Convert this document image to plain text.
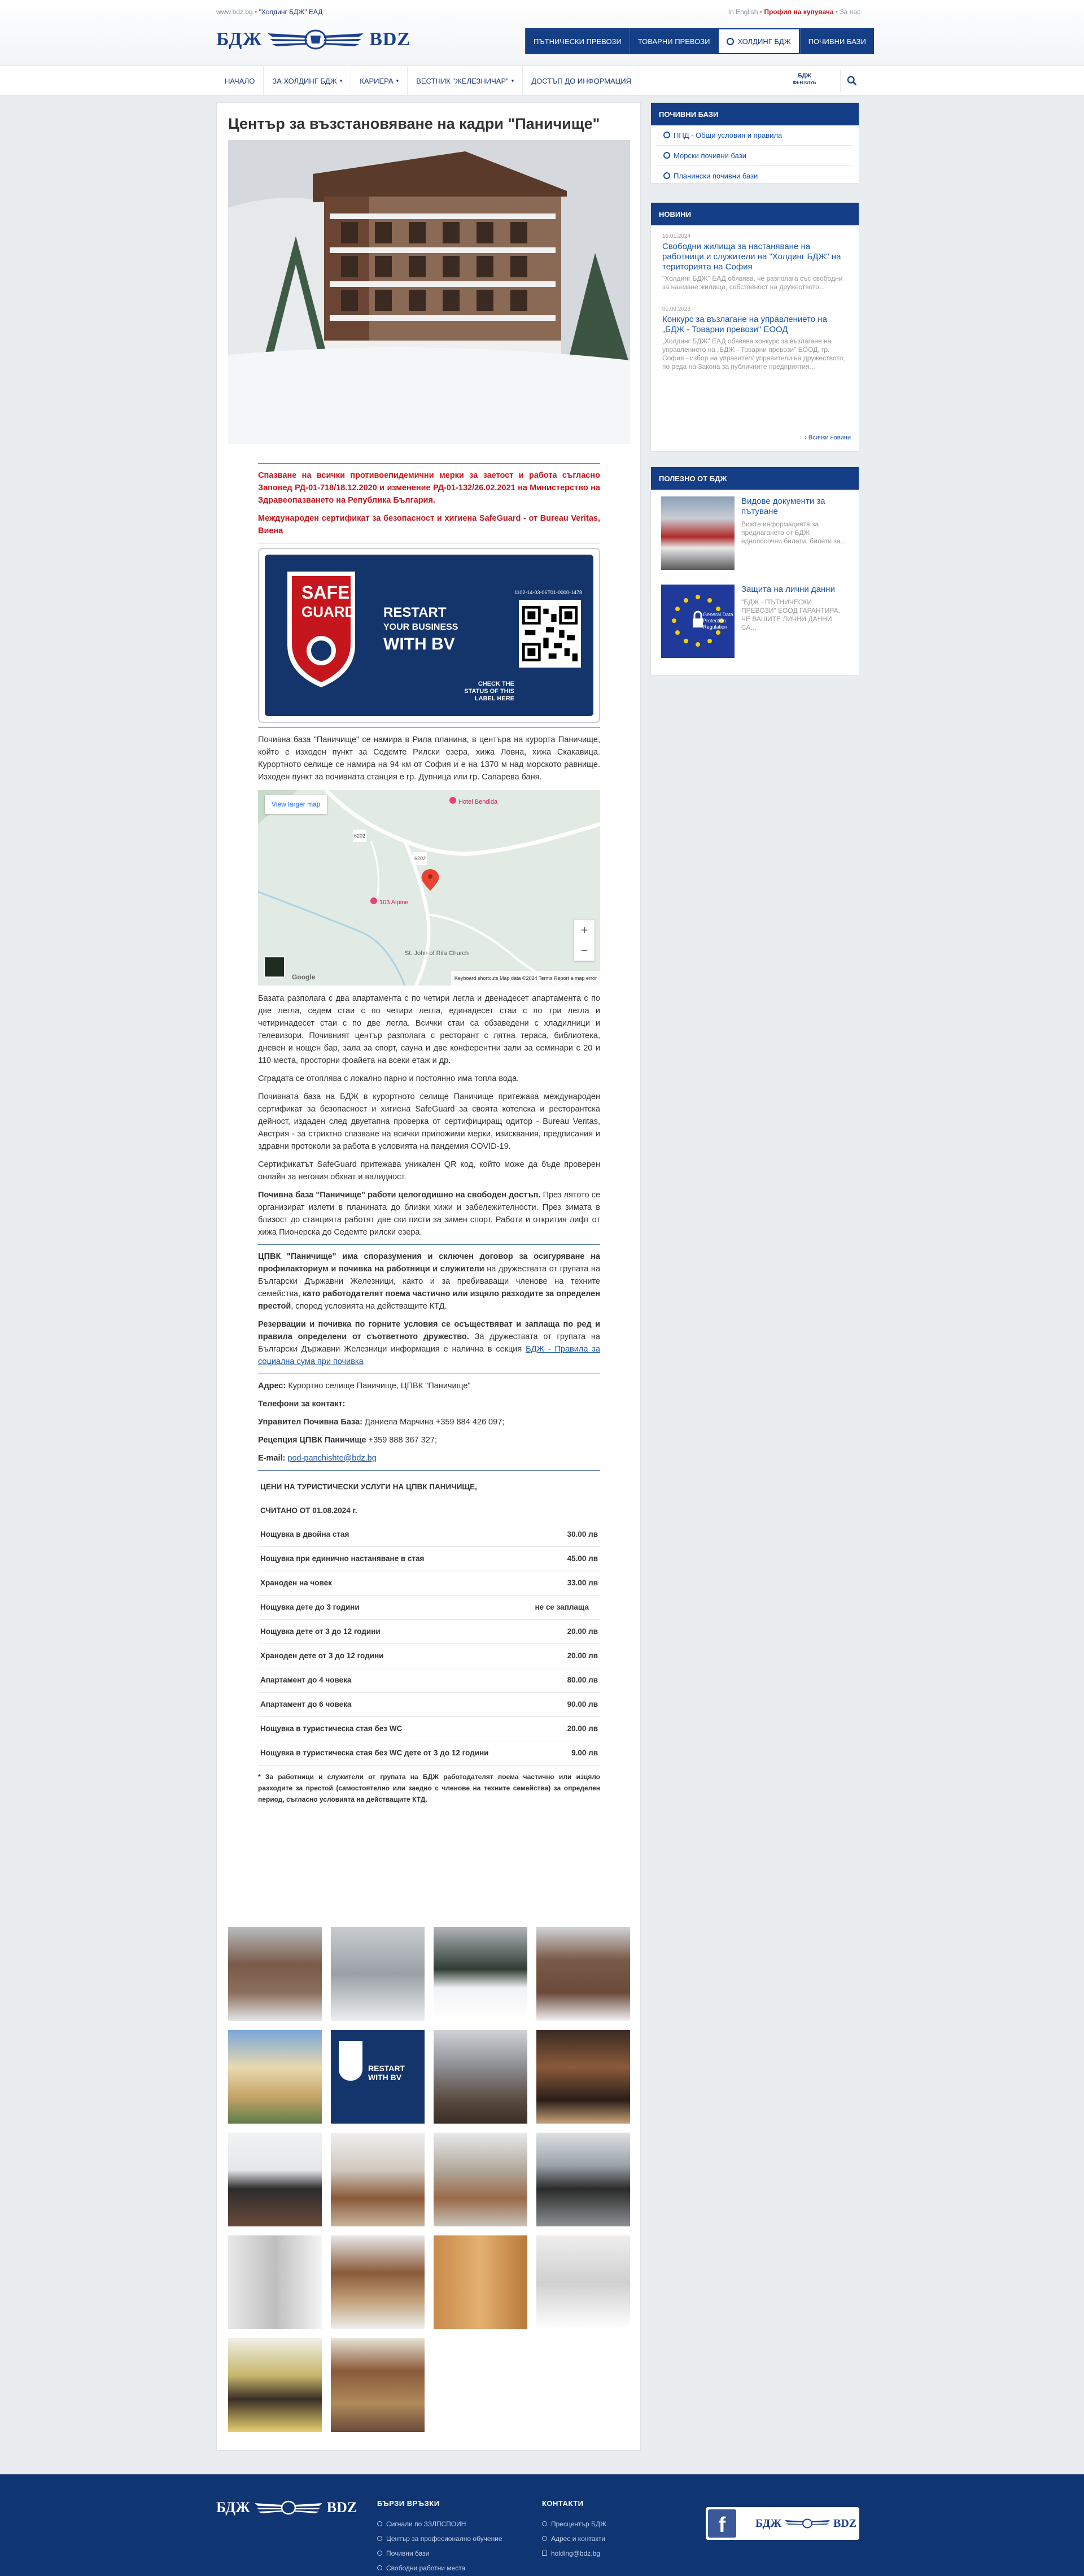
www.bdz.bg • "Холдинг БДЖ" ЕАД	In English • Профил на купувача • За нас
БДЖ	BDZ	ПЪТНИЧЕСКИ ПРЕВОЗИ	ТОВАРНИ ПРЕВОЗИ	ХОЛДИНГ БДЖ	ПОЧИВНИ БАЗИ
НАЧАЛО ЗА ХОЛДИНГ БДЖ ▾ КАРИЕРА ▾ ВЕСТНИК "ЖЕЛЕЗНИЧАР" ▾ ДОСТЪП ДО ИНФОРМАЦИЯ
БДЖ
ФЕН КЛУБ
Център за възстановяване на кадри "Паничище"

Спазване на всички противоепидемични мерки за заетост и работа съгласно Заповед РД-01-718/18.12.2020 и изменение РД-01-132/26.02.2021 на Министерство на Здравеопазването на Република България.

Международен сертификат за безопасност и хигиена SafeGuard - от Bureau Veritas, Виена

SAFE
GUARD RESTART
YOUR BUSINESS
WITH BV
1102-14-03-06T01-0000-1478
CHECK THE
STATUS OF THIS
LABEL HERE

Почивна база "Паничище" се намира в Рила планина, в центъра на курорта Паничище, който е изходен пункт за Седемте Рилски езера, хижа Ловна, хижа Скакавица. Курортното селище се намира на 94 км от София и е на 1370 м над морското равнище. Изходен пункт за почивната станция е гр. Дупница или гр. Сапарева баня.

View larger map	Hotel Bendida
103 Alpine
St. John of Rila Church
6202
6202
+
−
Google	Keyboard shortcuts Map data ©2024 Terms Report a map error

Базата разполага с два апартамента с по четири легла и двенадесет апартамента с по две легла, седем стаи с по четири легла, единадесет стаи с по три легла и четиринадесет стаи с по две легла. Всички стаи са обзаведени с хладилници и телевизори. Почивният център разполага с ресторант с лятна тераса, библиотека, дневен и нощен бар, зала за спорт, сауна и две конферентни зали за семинари с 20 и 110 места, просторни фоайета на всеки етаж и др.

Сградата се отоплява с локално парно и постоянно има топла вода.

Почивната база на БДЖ в курортното селище Паничище притежава международен сертификат за безопасност и хигиена SafeGuard за своята котелска и ресторантска дейност, издаден след двуетапна проверка от сертифициращ одитор - Bureau Veritas, Австрия - за стриктно спазване на всички приложими мерки, изисквания, предписания и здравни протоколи за работа в условията на пандемия COVID-19.

Сертификатът SafeGuard притежава уникален QR код, който може да бъде проверен онлайн за неговия обхват и валидност.

Почивна база "Паничище" работи целогодишно на свободен достъп. През лятото се организират излети в планината до близки хижи и забележителности. През зимата в близост до станцията работят две ски писти за зимен спорт. Работи и открития лифт от хижа Пионерска до Седемте рилски езера.

ЦПВК "Паничище" има споразумения и сключен договор за осигуряване на профилакториум и почивка на работници и служители на дружествата от групата на Български Държавни Железници, както и за пребиваващи членове на техните семейства, като работодателят поема частично или изцяло разходите за определен престой, според условията на действащите КТД.

Резервации и почивка по горните условия се осъществяват и заплаща по ред и правила определени от съответното дружество. За дружествата от групата на Български Държавни Железници информация е налична в секция БДЖ - Правила за социална сума при почивка

Адрес: Курортно селище Паничище, ЦПВК "Паничище"

Телефони за контакт:

Управител Почивна База: Даниела Марчина +359 884 426 097;

Рецепция ЦПВК Паничище +359 888 367 327;

E-mail: pod-panchishte@bdz.bg

ЦЕНИ НА ТУРИСТИЧЕСКИ УСЛУГИ НА ЦПВК ПАНИЧИЩЕ,	
СЧИТАНО ОТ 01.08.2024 г.	
Нощувка в двойна стая	30.00 лв
Нощувка при единично настаняване в стая	45.00 лв
Храноден на човек	33.00 лв
Нощувка дете до 3 години	не се заплаща
Нощувка дете от 3 до 12 години	20.00 лв
Храноден дете от 3 до 12 години	20.00 лв
Апартамент до 4 човека	80.00 лв
Апартамент до 6 човека	90.00 лв
Нощувка в туристическа стая без WC	20.00 лв
Нощувка в туристическа стая без WC дете от 3 до 12 години	9.00 лв

* За работници и служители от групата на БДЖ работодателят поема частично или изцяло разходите за престой (самостоятелно или заедно с членове на техните семейства) за определен период, съгласно условията на действащите КТД.

RESTART
WITH BV
ПОЧИВНИ БАЗИ
ППД - Общи условия и правила
Морски почивни бази
Планински почивни бази
НОВИНИ
16.01.2024
Свободни жилища за настаняване на работници и служители на "Холдинг БДЖ" на територията на София
"Холдинг БДЖ" ЕАД обявява, че разполага със свободни за наемане жилища, собственост на дружеството...
01.09.2023
Конкурс за възлагане на управлението на „БДЖ - Товарни превози" ЕООД
„Холдинг БДЖ" ЕАД обявява конкурс за възлагане на управлението на „БДЖ - Товарни превози" ЕООД, гр. София - избор на управител/ управители на дружеството, по реда на Закона за публичните предприятия...
› Всички новини
ПОЛЕЗНО ОТ БДЖ
Видове документи за пътуване
Вижте информацията за предлагането от БДЖ еднопосочни билети, билети за...
General Data Protection Regulation
Защита на лични данни
"БДЖ - ПЪТНИЧЕСКИ ПРЕВОЗИ" ЕООД ГАРАНТИРА, ЧЕ ВАШИТЕ ЛИЧНИ ДАННИ СА...
БДЖ	BDZ	БЪРЗИ ВРЪЗКИ
Сигнали по ЗЗЛПСПОИН
Център за професионално обучение
Почивни бази
Свободни работни места
КОНТАКТИ
Пресцентър БДЖ
Адрес и контакти
holding@bdz.bg
f	БДЖ	BDZ
